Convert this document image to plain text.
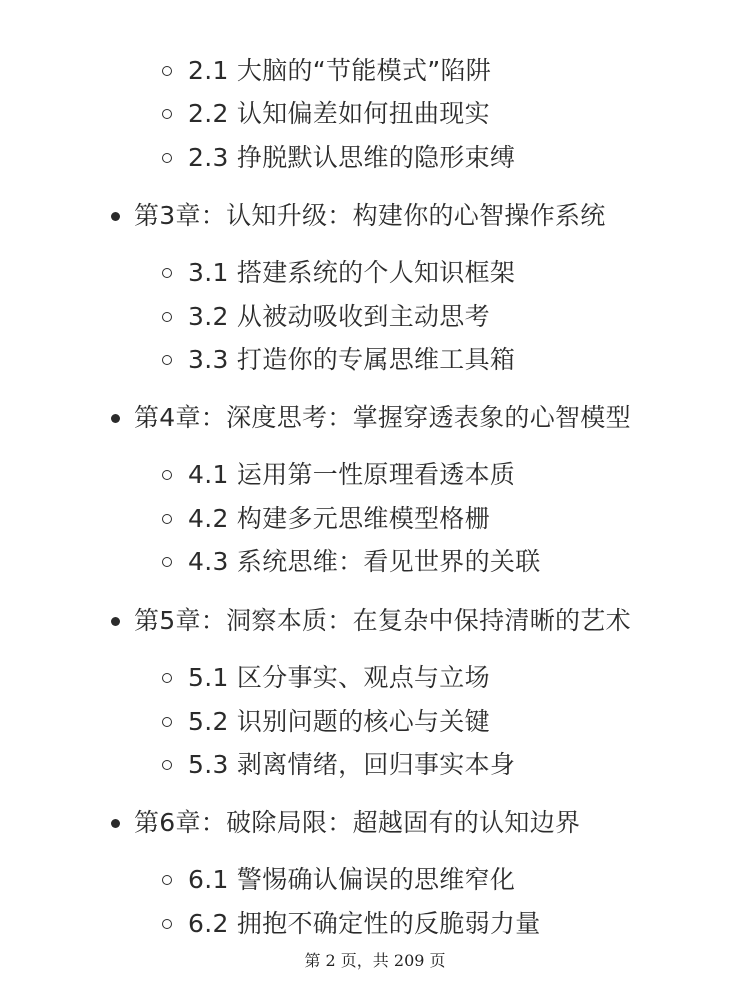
2.1 大脑的“节能模式”陷阱
2.2 认知偏差如何扭曲现实
2.3 挣脱默认思维的隐形束缚
第3章：认知升级：构建你的心智操作系统
3.1 搭建系统的个人知识框架
3.2 从被动吸收到主动思考
3.3 打造你的专属思维工具箱
第4章：深度思考：掌握穿透表象的心智模型
4.1 运用第一性原理看透本质
4.2 构建多元思维模型格栅
4.3 系统思维：看见世界的关联
第5章：洞察本质：在复杂中保持清晰的艺术
5.1 区分事实、观点与立场
5.2 识别问题的核心与关键
5.3 剥离情绪，回归事实本身
第6章：破除局限：超越固有的认知边界
6.1 警惕确认偏误的思维窄化
6.2 拥抱不确定性的反脆弱力量
第 2 页，共 209 页
